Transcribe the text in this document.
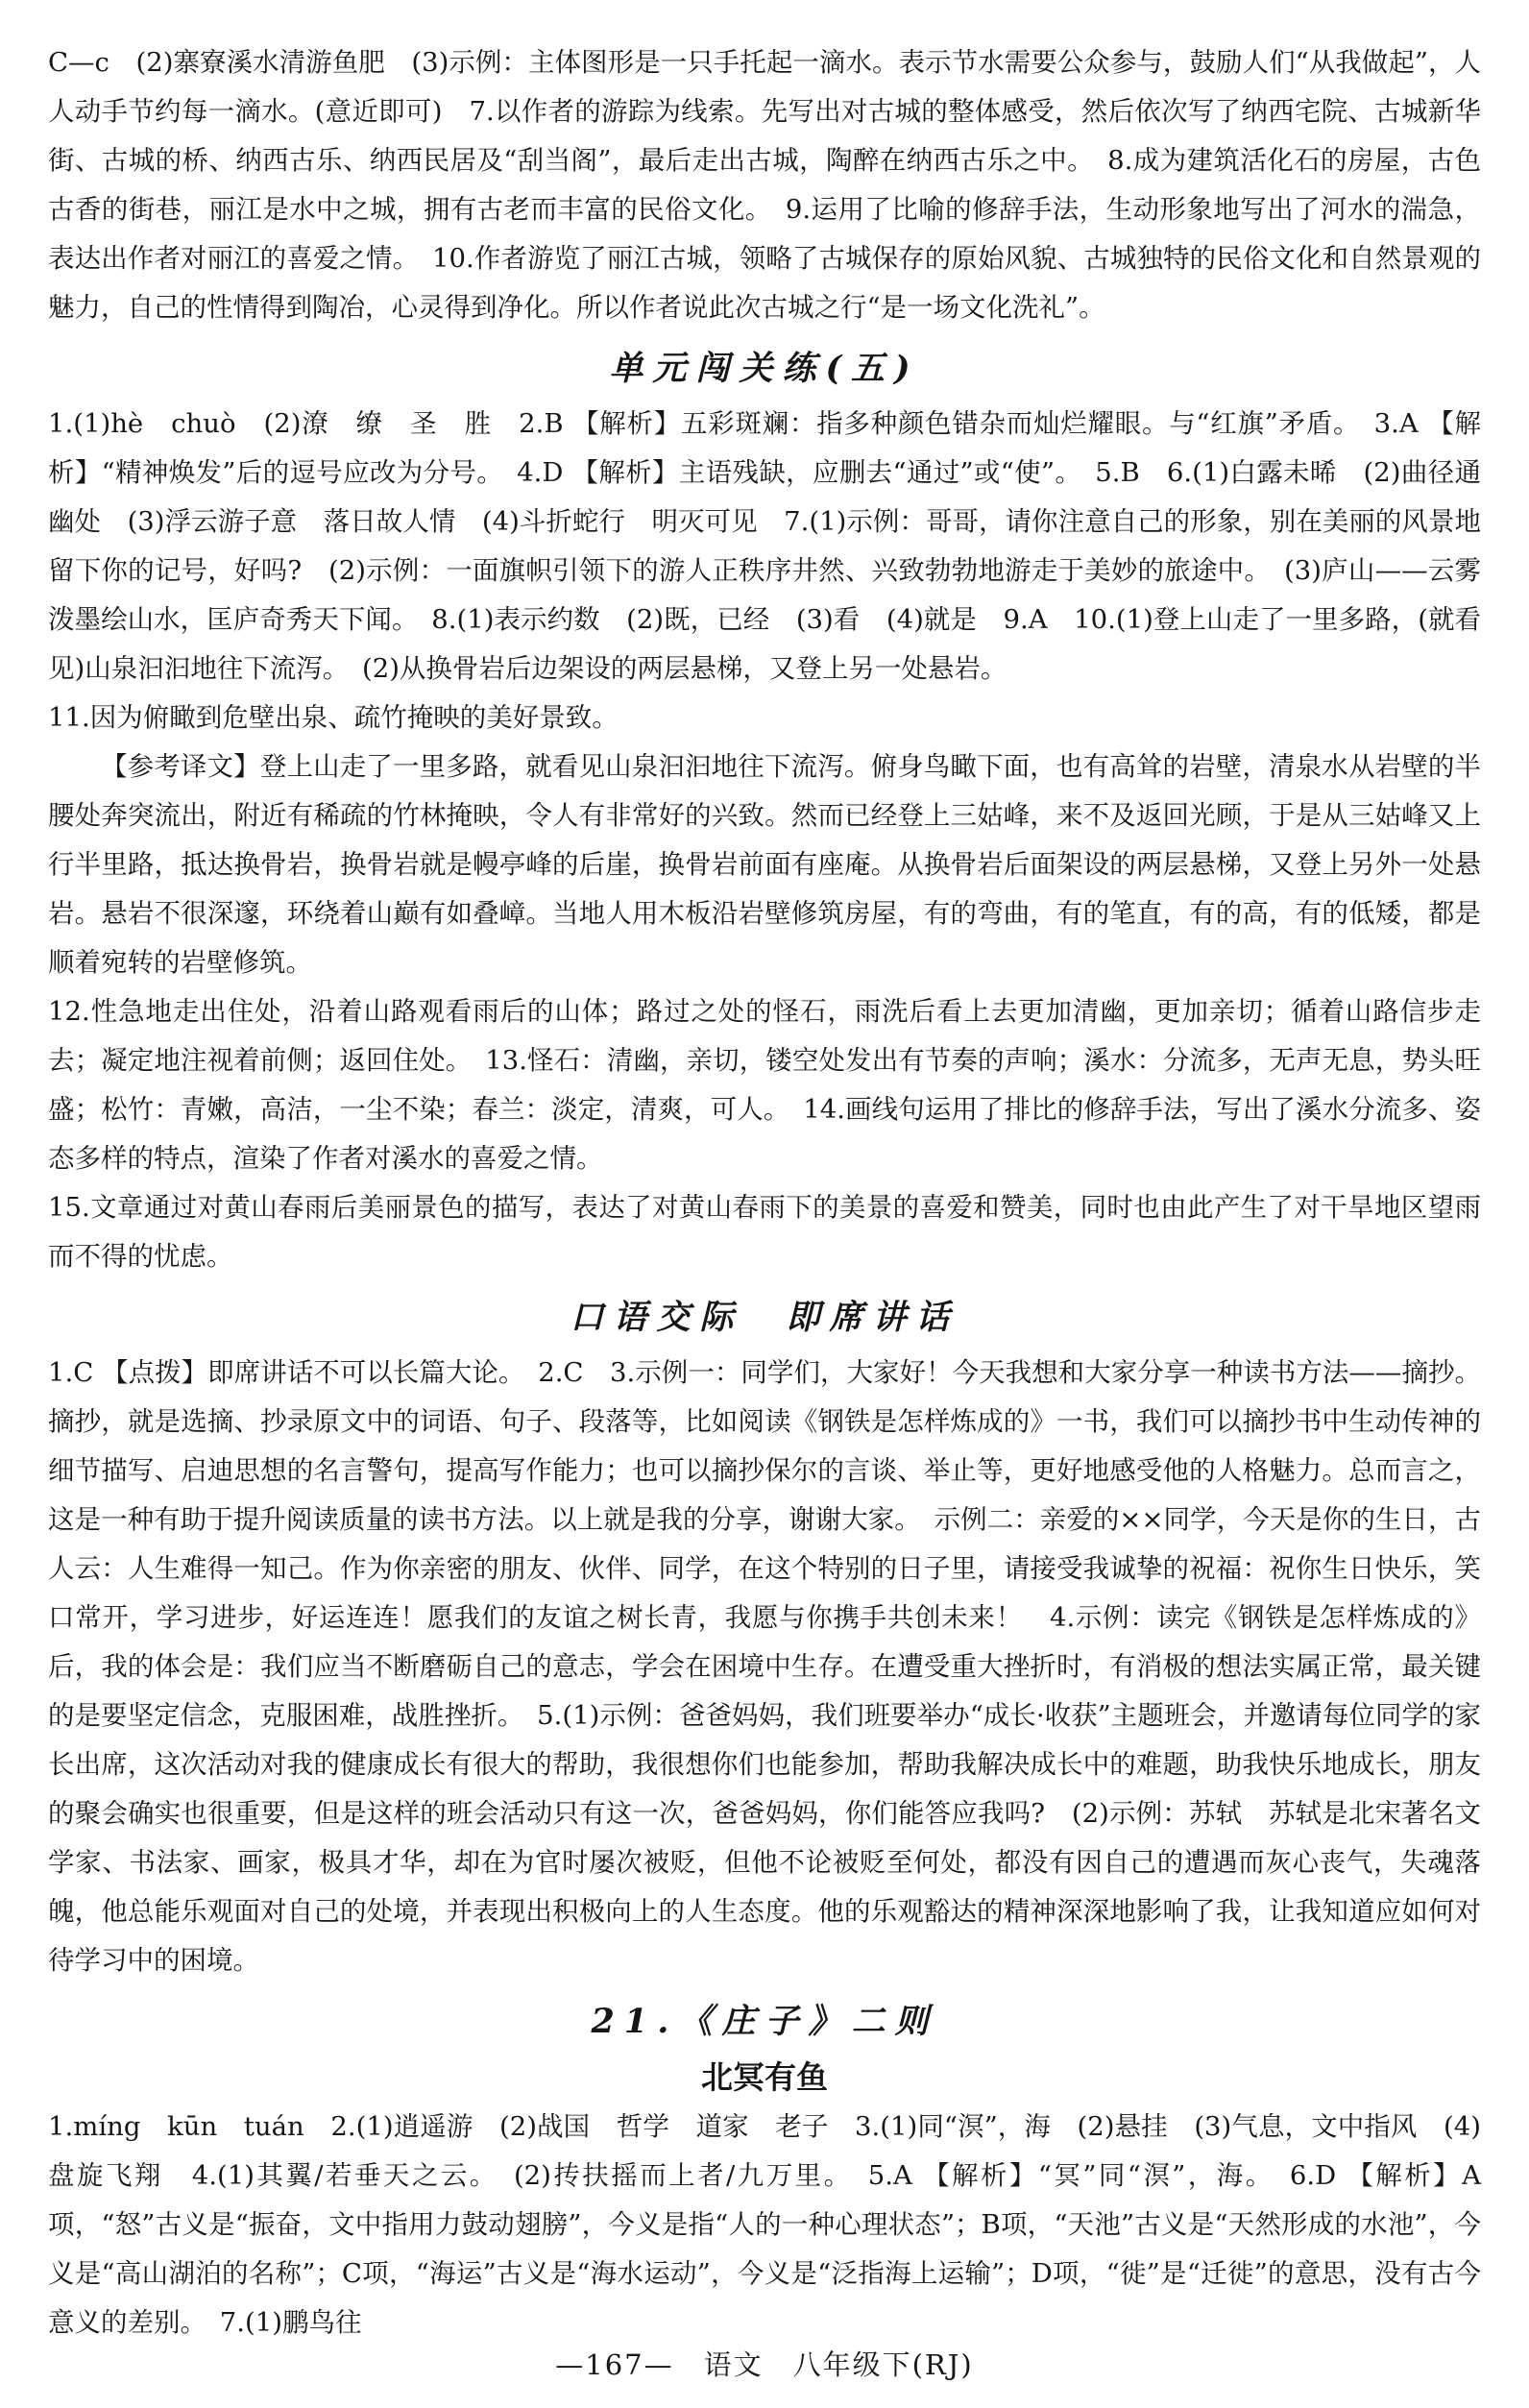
C—c　(2)寨寮溪水清游鱼肥　(3)示例：主体图形是一只手托起一滴水。表示节水需要公众参与，鼓励人们“从我做起”，人人动手节约每一滴水。(意近即可)　7.以作者的游踪为线索。先写出对古城的整体感受，然后依次写了纳西宅院、古城新华街、古城的桥、纳西古乐、纳西民居及“刮当阁”，最后走出古城，陶醉在纳西古乐之中。　8.成为建筑活化石的房屋，古色古香的街巷，丽江是水中之城，拥有古老而丰富的民俗文化。　9.运用了比喻的修辞手法，生动形象地写出了河水的湍急，表达出作者对丽江的喜爱之情。　10.作者游览了丽江古城，领略了古城保存的原始风貌、古城独特的民俗文化和自然景观的魅力，自己的性情得到陶冶，心灵得到净化。所以作者说此次古城之行“是一场文化洗礼”。

单元闯关练(五)

1.(1)hè　chuò　(2)潦　缭　圣　胜　2.B 【解析】五彩斑斓：指多种颜色错杂而灿烂耀眼。与“红旗”矛盾。　3.A 【解析】“精神焕发”后的逗号应改为分号。　4.D 【解析】主语残缺，应删去“通过”或“使”。　5.B　6.(1)白露未晞　(2)曲径通幽处　(3)浮云游子意　落日故人情　(4)斗折蛇行　明灭可见　7.(1)示例：哥哥，请你注意自己的形象，别在美丽的风景地留下你的记号，好吗?　(2)示例：一面旗帜引领下的游人正秩序井然、兴致勃勃地游走于美妙的旅途中。　(3)庐山——云雾泼墨绘山水，匡庐奇秀天下闻。　8.(1)表示约数　(2)既，已经　(3)看　(4)就是　9.A　10.(1)登上山走了一里多路，(就看见)山泉汩汩地往下流泻。　(2)从换骨岩后边架设的两层悬梯，又登上另一处悬岩。

11.因为俯瞰到危壁出泉、疏竹掩映的美好景致。

【参考译文】登上山走了一里多路，就看见山泉汩汩地往下流泻。俯身鸟瞰下面，也有高耸的岩壁，清泉水从岩壁的半腰处奔突流出，附近有稀疏的竹林掩映，令人有非常好的兴致。然而已经登上三姑峰，来不及返回光顾，于是从三姑峰又上行半里路，抵达换骨岩，换骨岩就是幔亭峰的后崖，换骨岩前面有座庵。从换骨岩后面架设的两层悬梯，又登上另外一处悬岩。悬岩不很深邃，环绕着山巅有如叠嶂。当地人用木板沿岩壁修筑房屋，有的弯曲，有的笔直，有的高，有的低矮，都是顺着宛转的岩壁修筑。

12.性急地走出住处，沿着山路观看雨后的山体；路过之处的怪石，雨洗后看上去更加清幽，更加亲切；循着山路信步走去；凝定地注视着前侧；返回住处。　13.怪石：清幽，亲切，镂空处发出有节奏的声响；溪水：分流多，无声无息，势头旺盛；松竹：青嫩，高洁，一尘不染；春兰：淡定，清爽，可人。　14.画线句运用了排比的修辞手法，写出了溪水分流多、姿态多样的特点，渲染了作者对溪水的喜爱之情。

15.文章通过对黄山春雨后美丽景色的描写，表达了对黄山春雨下的美景的喜爱和赞美，同时也由此产生了对干旱地区望雨而不得的忧虑。

口语交际　即席讲话

1.C 【点拨】即席讲话不可以长篇大论。　2.C　3.示例一：同学们，大家好！今天我想和大家分享一种读书方法——摘抄。摘抄，就是选摘、抄录原文中的词语、句子、段落等，比如阅读《钢铁是怎样炼成的》一书，我们可以摘抄书中生动传神的细节描写、启迪思想的名言警句，提高写作能力；也可以摘抄保尔的言谈、举止等，更好地感受他的人格魅力。总而言之，这是一种有助于提升阅读质量的读书方法。以上就是我的分享，谢谢大家。　示例二：亲爱的××同学，今天是你的生日，古人云：人生难得一知己。作为你亲密的朋友、伙伴、同学，在这个特别的日子里，请接受我诚挚的祝福：祝你生日快乐，笑口常开，学习进步，好运连连！愿我们的友谊之树长青，我愿与你携手共创未来！　4.示例：读完《钢铁是怎样炼成的》后，我的体会是：我们应当不断磨砺自己的意志，学会在困境中生存。在遭受重大挫折时，有消极的想法实属正常，最关键的是要坚定信念，克服困难，战胜挫折。　5.(1)示例：爸爸妈妈，我们班要举办“成长·收获”主题班会，并邀请每位同学的家长出席，这次活动对我的健康成长有很大的帮助，我很想你们也能参加，帮助我解决成长中的难题，助我快乐地成长，朋友的聚会确实也很重要，但是这样的班会活动只有这一次，爸爸妈妈，你们能答应我吗?　(2)示例：苏轼　苏轼是北宋著名文学家、书法家、画家，极具才华，却在为官时屡次被贬，但他不论被贬至何处，都没有因自己的遭遇而灰心丧气，失魂落魄，他总能乐观面对自己的处境，并表现出积极向上的人生态度。他的乐观豁达的精神深深地影响了我，让我知道应如何对待学习中的困境。

21.《庄子》二则
北冥有鱼

1.míng　kūn　tuán　2.(1)逍遥游　(2)战国　哲学　道家　老子　3.(1)同“溟”，海　(2)悬挂　(3)气息，文中指风　(4)盘旋飞翔　4.(1)其翼/若垂天之云。　(2)抟扶摇而上者/九万里。　5.A 【解析】“冥”同“溟”，海。　6.D 【解析】A项，“怒”古义是“振奋，文中指用力鼓动翅膀”，今义是指“人的一种心理状态”；B项，“天池”古义是“天然形成的水池”，今义是“高山湖泊的名称”；C项，“海运”古义是“海水运动”，今义是“泛指海上运输”；D项，“徙”是“迁徙”的意思，没有古今意义的差别。　7.(1)鹏鸟往

—167—　语文　八年级下(RJ)
